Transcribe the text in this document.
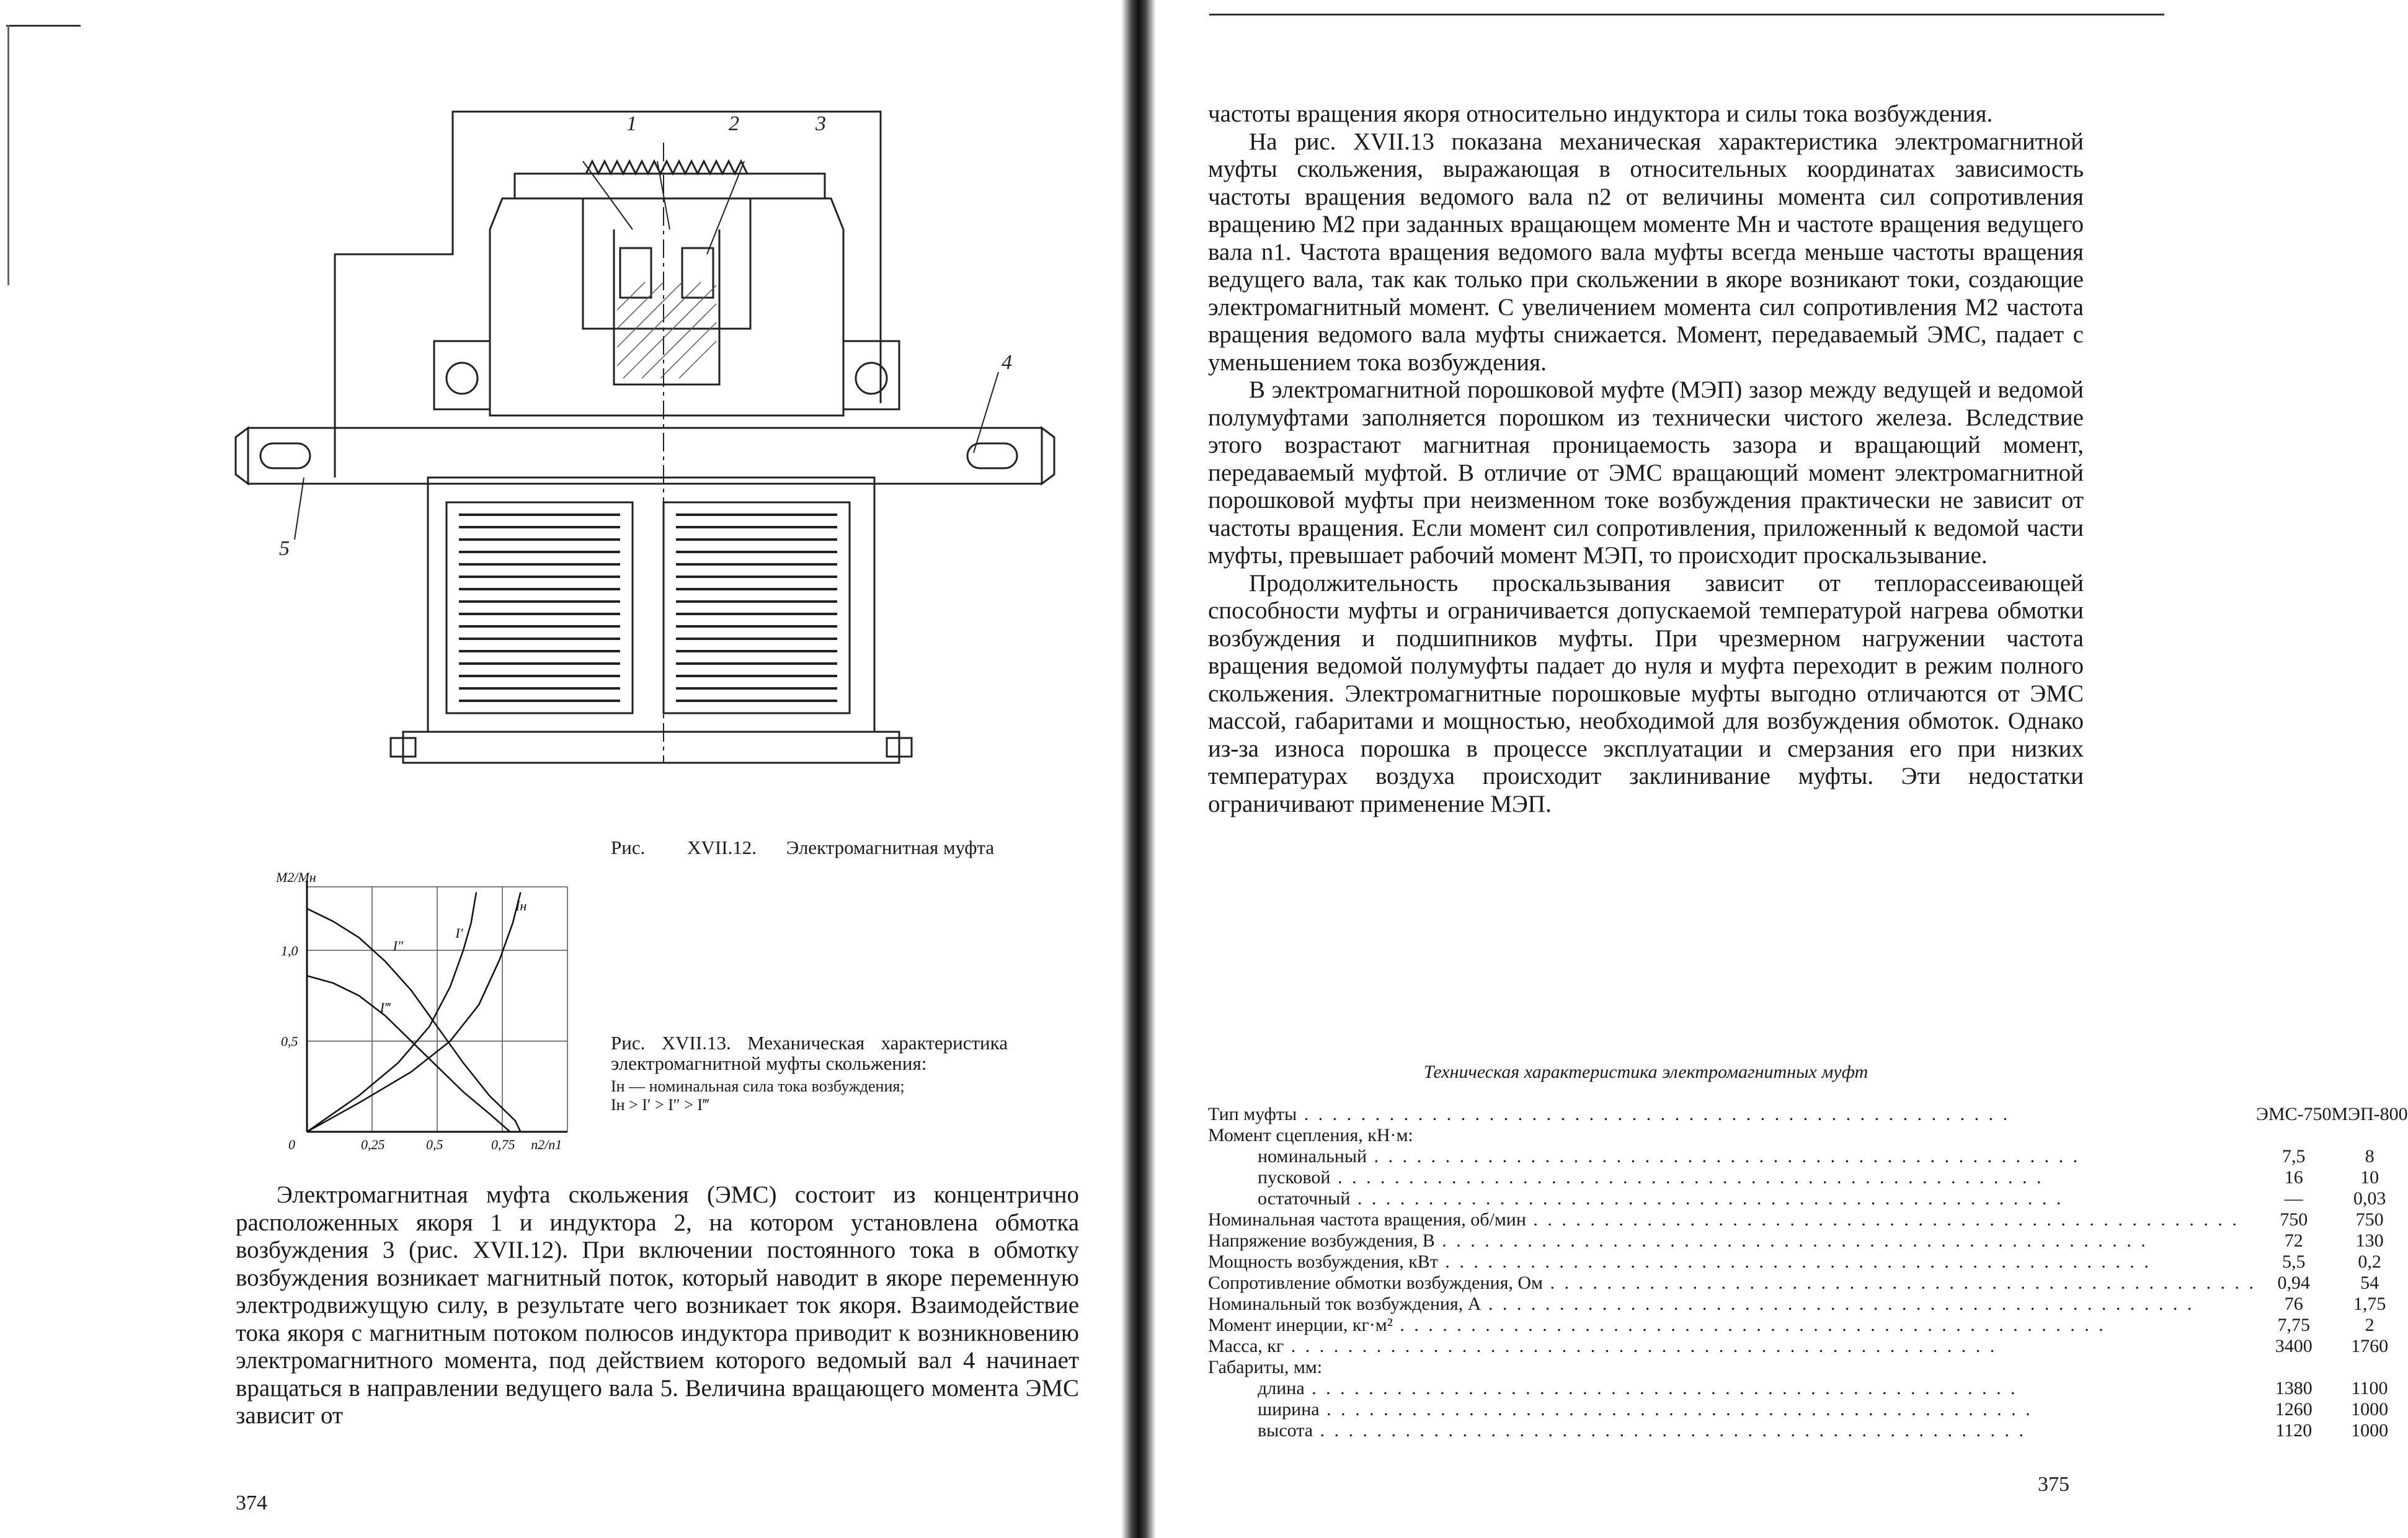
1	2	3
4
5
Рис. XVII.12. Электромагнитная муфта
Iн
I′
I″
I‴
0,25	0,5	0,75
0,5
1,0
0	n2/n1
M2/Mн
Рис. XVII.13. Механическая характеристика электромагнитной муфты скольжения:
Iн — номинальная сила тока возбуждения;
Iн > I′ > I″ > I‴

Электромагнитная муфта скольжения (ЭМС) состоит из концентрично расположенных якоря 1 и индуктора 2, на котором установлена обмотка возбуждения 3 (рис. XVII.12). При включении постоянного тока в обмотку возбуждения возникает магнитный поток, который наводит в якоре переменную электродвижущую силу, в результате чего возникает ток якоря. Взаимодействие тока якоря с магнитным потоком полюсов индуктора приводит к возникновению электромагнитного момента, под действием которого ведомый вал 4 начинает вращаться в направлении ведущего вала 5. Величина вращающего момента ЭМС зависит от

374

частоты вращения якоря относительно индуктора и силы тока возбуждения.

На рис. XVII.13 показана механическая характеристика электромагнитной муфты скольжения, выражающая в относительных координатах зависимость частоты вращения ведомого вала n2 от величины момента сил сопротивления вращению M2 при заданных вращающем моменте Mн и частоте вращения ведущего вала n1. Частота вращения ведомого вала муфты всегда меньше частоты вращения ведущего вала, так как только при скольжении в якоре возникают токи, создающие электромагнитный момент. С увеличением момента сил сопротивления M2 частота вращения ведомого вала муфты снижается. Момент, передаваемый ЭМС, падает с уменьшением тока возбуждения.

В электромагнитной порошковой муфте (МЭП) зазор между ведущей и ведомой полумуфтами заполняется порошком из технически чистого железа. Вследствие этого возрастают магнитная проницаемость зазора и вращающий момент, передаваемый муфтой. В отличие от ЭМС вращающий момент электромагнитной порошковой муфты при неизменном токе возбуждения практически не зависит от частоты вращения. Если момент сил сопротивления, приложенный к ведомой части муфты, превышает рабочий момент МЭП, то происходит проскальзывание.

Продолжительность проскальзывания зависит от теплорассеивающей способности муфты и ограничивается допускаемой температурой нагрева обмотки возбуждения и подшипников муфты. При чрезмерном нагружении частота вращения ведомой полумуфты падает до нуля и муфта переходит в режим полного скольжения. Электромагнитные порошковые муфты выгодно отличаются от ЭМС массой, габаритами и мощностью, необходимой для возбуждения обмоток. Однако из-за износа порошка в процессе эксплуатации и смерзания его при низких температурах воздуха происходит заклинивание муфты. Эти недостатки ограничивают применение МЭП.

Техническая характеристика электромагнитных муфт
Тип муфты . . .	ЭМС-750	МЭП-800

Момент сцепления, кН·м:		

номинальный . . .	7,5	8

пусковой . . .	16	10

остаточный . . .	—	0,03

Номинальная частота вращения, об/мин . . .	750	750

Напряжение возбуждения, В . . .	72	130

Мощность возбуждения, кВт . . .	5,5	0,2

Сопротивление обмотки возбуждения, Ом . . .	0,94	54

Номинальный ток возбуждения, А . . .	76	1,75

Момент инерции, кг·м² . . .	7,75	2

Масса, кг . . .	3400	1760

Габариты, мм:		

длина . . .	1380	1100

ширина . . .	1260	1000

высота . . .	1120	1000
375
